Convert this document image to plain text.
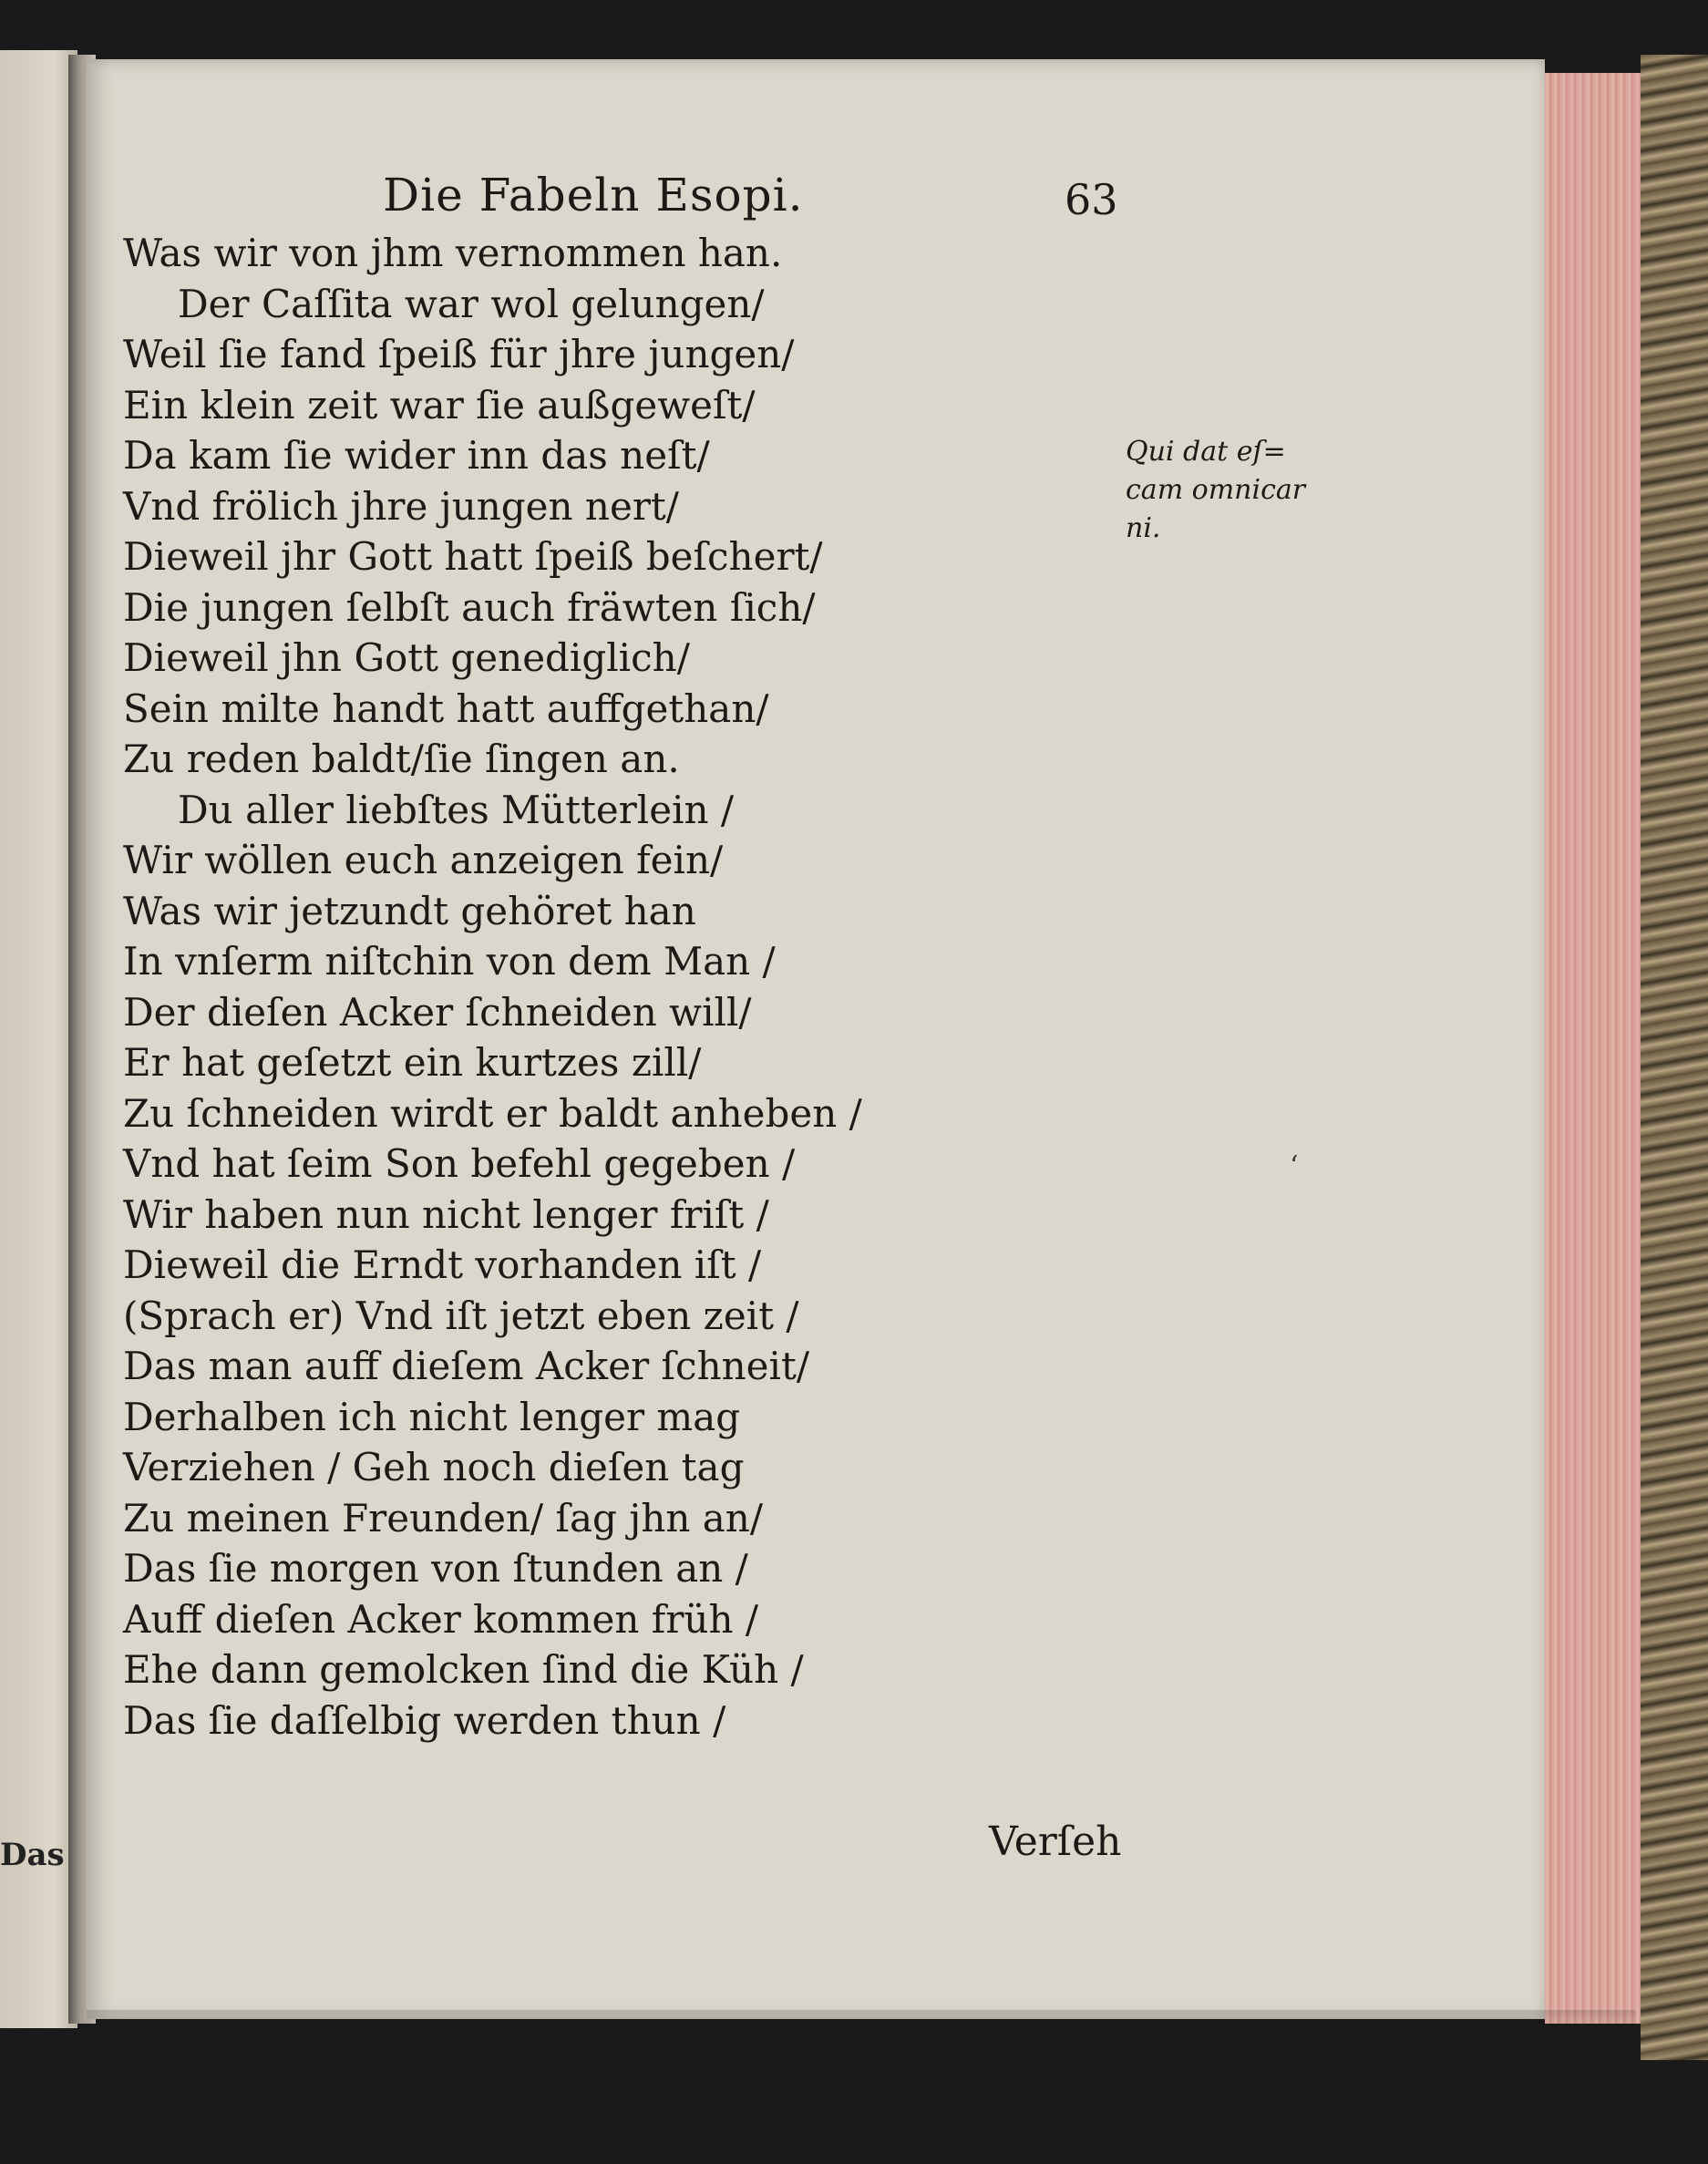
Das
Die Fabeln Esopi.	63
Was wir von jhm vernommen han.
Der Caſſita war wol gelungen/
Weil ſie fand ſpeiß für jhre jungen/
Ein klein zeit war ſie außgeweſt/
Da kam ſie wider inn das neſt/
Vnd frölich jhre jungen nert/
Dieweil jhr Gott hatt ſpeiß beſchert/
Die jungen ſelbſt auch fräwten ſich/
Dieweil jhn Gott genediglich/
Sein milte handt hatt auffgethan/
Zu reden baldt/ſie ſingen an.
Du aller liebſtes Mütterlein /
Wir wöllen euch anzeigen fein/
Was wir jetzundt gehöret han
In vnſerm niſtchin von dem Man /
Der dieſen Acker ſchneiden will/
Er hat geſetzt ein kurtzes zill/
Zu ſchneiden wirdt er baldt anheben /
Vnd hat ſeim Son befehl gegeben /
Wir haben nun nicht lenger friſt /
Dieweil die Erndt vorhanden iſt /
(Sprach er) Vnd iſt jetzt eben zeit /
Das man auff dieſem Acker ſchneit/
Derhalben ich nicht lenger mag
Verziehen / Geh noch dieſen tag
Zu meinen Freunden/ ſag jhn an/
Das ſie morgen von ſtunden an /
Auff dieſen Acker kommen früh /
Ehe dann gemolcken ſind die Küh /
Das ſie daſſelbig werden thun /
Qui dat eſ=
cam omnicar
ni.
ʻ
Verſeh
